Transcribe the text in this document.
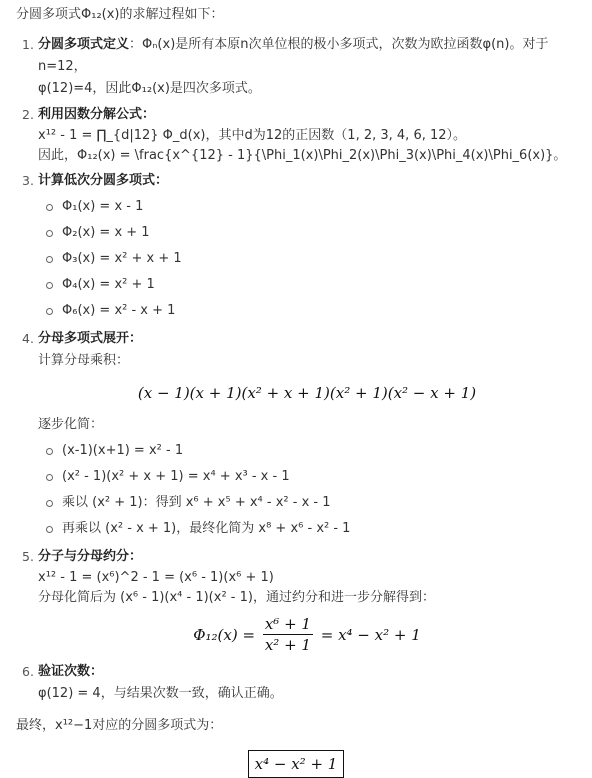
分圆多项式Φ₁₂(x)的求解过程如下：

1. 分圆多项式定义：Φₙ(x)是所有本原n次单位根的极小多项式，次数为欧拉函数φ(n)。对于n=12，
φ(12)=4，因此Φ₁₂(x)是四次多项式。
2. 利用因数分解公式：
x¹² - 1 = ∏_{d|12} Φ_d(x)，其中d为12的正因数（1, 2, 3, 4, 6, 12）。
因此，Φ₁₂(x) = \frac{x^{12} - 1}{\Phi_1(x)\Phi_2(x)\Phi_3(x)\Phi_4(x)\Phi_6(x)}。
3. 计算低次分圆多项式：
Φ₁(x) = x - 1
Φ₂(x) = x + 1
Φ₃(x) = x² + x + 1
Φ₄(x) = x² + 1
Φ₆(x) = x² - x + 1
4. 分母多项式展开：
计算分母乘积：
(x − 1)(x + 1)(x² + x + 1)(x² + 1)(x² − x + 1)
逐步化简：
(x-1)(x+1) = x² - 1
(x² - 1)(x² + x + 1) = x⁴ + x³ - x - 1
乘以 (x² + 1)：得到 x⁶ + x⁵ + x⁴ - x² - x - 1
再乘以 (x² - x + 1)，最终化简为 x⁸ + x⁶ - x² - 1
5. 分子与分母约分：
x¹² - 1 = (x⁶)^2 - 1 = (x⁶ - 1)(x⁶ + 1)
分母化简后为 (x⁶ - 1)(x⁴ - 1)(x² - 1)，通过约分和进一步分解得到：
$\Phi_{12}(x) = \frac{\text{x⁶ + 1}}{\text{x² + 1}} = x^4 - x^2 + 1$
6. 验证次数：
φ(12) = 4，与结果次数一致，确认正确。

最终，x¹²−1对应的分圆多项式为：

x⁴ − x² + 1
